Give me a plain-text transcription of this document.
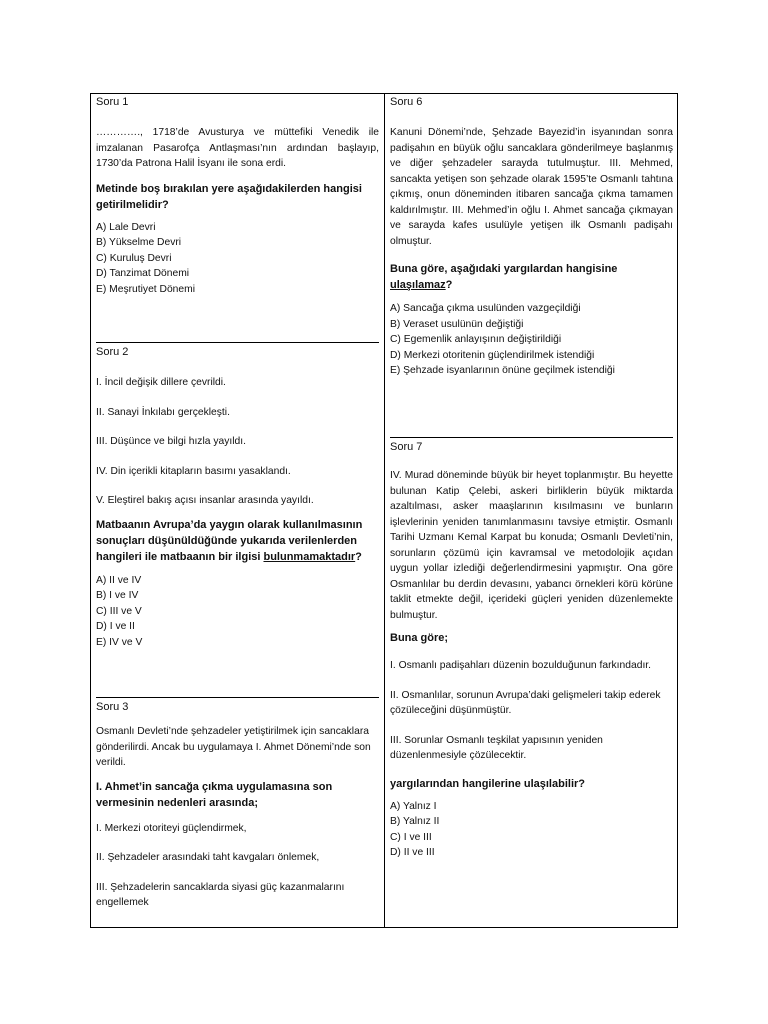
Soru 1

…………., 1718’de Avusturya ve müttefiki Venedik ile imzalanan Pasarofça Antlaşması’nın ardından başlayıp, 1730’da Patrona Halil İsyanı ile sona erdi.

Metinde boş bırakılan yere aşağıdakilerden hangisi getirilmelidir?

A) Lale Devri
B) Yükselme Devri
C) Kuruluş Devri
D) Tanzimat Dönemi
E) Meşrutiyet Dönemi
Soru 2

I. İncil değişik dillere çevrildi.

II. Sanayi İnkılabı gerçekleşti.

III. Düşünce ve bilgi hızla yayıldı.

IV. Din içerikli kitapların basımı yasaklandı.

V. Eleştirel bakış açısı insanlar arasında yayıldı.

Matbaanın Avrupa’da yaygın olarak kullanılmasının sonuçları düşünüldüğünde yukarıda verilenlerden hangileri ile matbaanın bir ilgisi bulunmamaktadır?

A) II ve IV
B) I ve IV
C) III ve V
D) I ve II
E) IV ve V
Soru 3

Osmanlı Devleti’nde şehzadeler yetiştirilmek için sancaklara gönderilirdi. Ancak bu uygulamaya I. Ahmet Dönemi’nde son verildi.

I. Ahmet’in sancağa çıkma uygulamasına son vermesinin nedenleri arasında;

I. Merkezi otoriteyi güçlendirmek,

II. Şehzadeler arasındaki taht kavgaları önlemek,

III. Şehzadelerin sancaklarda siyasi güç kazanmalarını engellemek

Soru 6

Kanuni Dönemi’nde, Şehzade Bayezid’in isyanından sonra padişahın en büyük oğlu sancaklara gönderilmeye başlanmış ve diğer şehzadeler sarayda tutulmuştur. III. Mehmed, sancakta yetişen son şehzade olarak 1595’te Osmanlı tahtına çıkmış, onun döneminden itibaren sancağa çıkma tamamen kaldırılmıştır. III. Mehmed’in oğlu I. Ahmet sancağa çıkmayan ve sarayda kafes usulüyle yetişen ilk Osmanlı padişahı olmuştur.

Buna göre, aşağıdaki yargılardan hangisine ulaşılamaz?

A) Sancağa çıkma usulünden vazgeçildiği
B) Veraset usulünün değiştiği
C) Egemenlik anlayışının değiştirildiği
D) Merkezi otoritenin güçlendirilmek istendiği
E) Şehzade isyanlarının önüne geçilmek istendiği
Soru 7

IV. Murad döneminde büyük bir heyet toplanmıştır. Bu heyette bulunan Katip Çelebi, askeri birliklerin büyük miktarda azaltılması, asker maaşlarının kısılmasını ve bunların işlevlerinin yeniden tanımlanmasını tavsiye etmiştir. Osmanlı Tarihi Uzmanı Kemal Karpat bu konuda; Osmanlı Devleti’nin, sorunların çözümü için kavramsal ve metodolojik açıdan uygun yollar izlediği değerlendirmesini yapmıştır. Ona göre Osmanlılar bu derdin devasını, yabancı örnekleri körü körüne taklit etmekte değil, içerideki güçleri yeniden düzenlemekte bulmuştur.

Buna göre;

I. Osmanlı padişahları düzenin bozulduğunun farkındadır.

II. Osmanlılar, sorunun Avrupa’daki gelişmeleri takip ederek çözüleceğini düşünmüştür.

III. Sorunlar Osmanlı teşkilat yapısının yeniden düzenlenmesiyle çözülecektir.

yargılarından hangilerine ulaşılabilir?

A) Yalnız I
B) Yalnız II
C) I ve III
D) II ve III
